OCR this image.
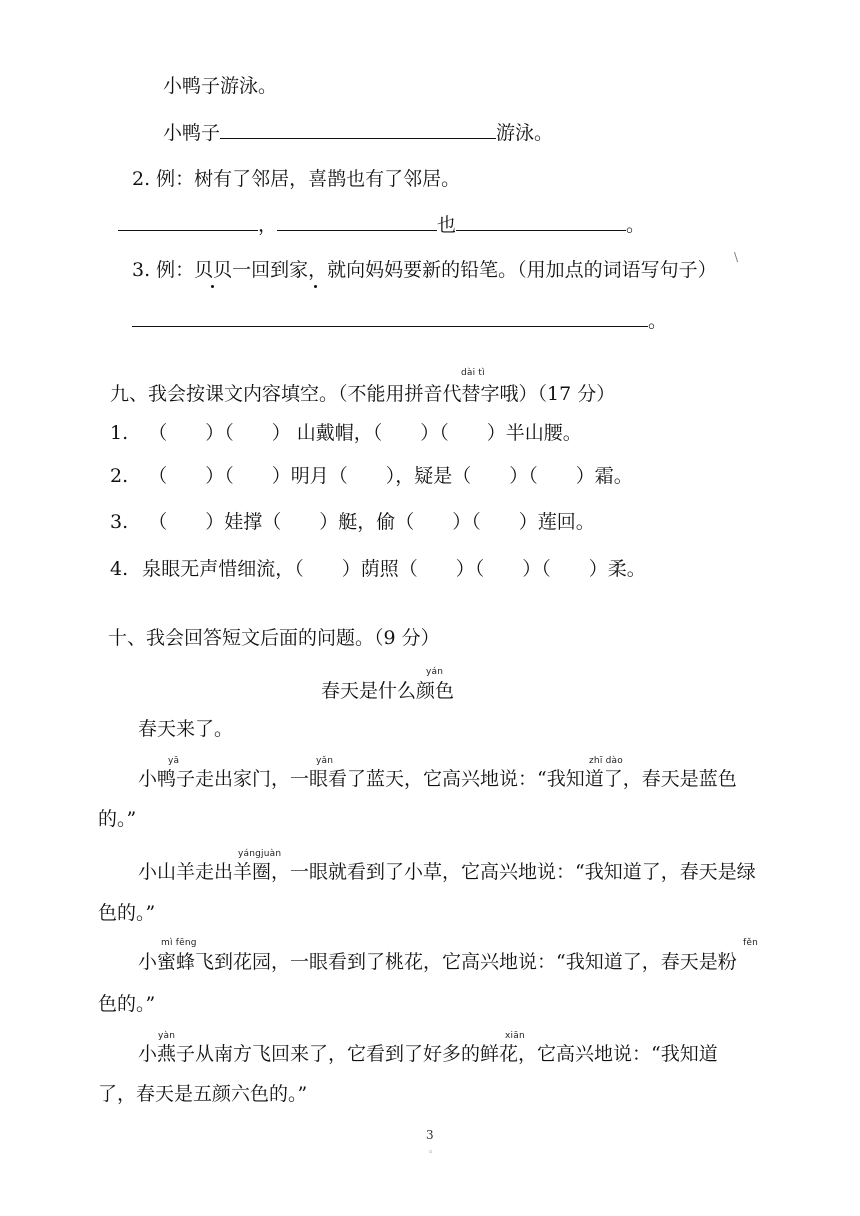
小鸭子游泳。
小鸭子	游泳。
2. 例：树有了邻居，喜鹊也有了邻居。
，	也	。
3. 例：贝贝一回到家，就向妈妈要新的铅笔。（用加点的词语写句子）
\
。
dài tì
九、我会按课文内容填空。（不能用拼音代替字哦）（17 分）
1. （　　）（　　） 山戴帽，（　　）（　　）半山腰。
2. （　　）（　　）明月（　　），疑是（　　）（　　）霜。
3. （　　）娃撑（　　）艇，偷（　　）（　　）莲回。
4. 泉眼无声惜细流，（　　）荫照（　　）（　　）（　　）柔。
十、我会回答短文后面的问题。（9 分）
yán
春天是什么颜色
春天来了。
yā	yǎn	zhī dào
小鸭子走出家门，一眼看了蓝天，它高兴地说：“我知道了，春天是蓝色
的。”
yángjuàn
小山羊走出羊圈，一眼就看到了小草，它高兴地说：“我知道了，春天是绿
色的。”
mì fēng	fěn
小蜜蜂飞到花园，一眼看到了桃花，它高兴地说：“我知道了，春天是粉
色的。”
yàn	xiān
小燕子从南方飞回来了，它看到了好多的鲜花，它高兴地说：“我知道
了，春天是五颜六色的。”
3
◦
